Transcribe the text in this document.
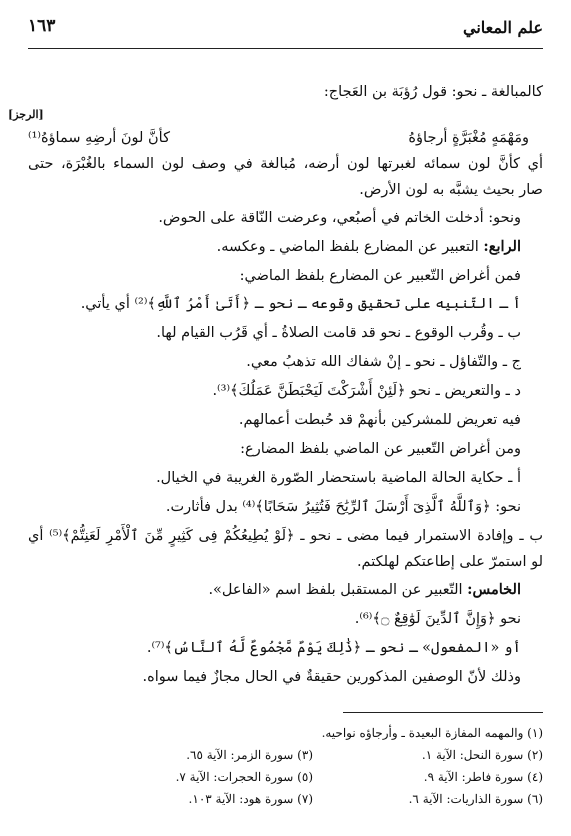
علم المعاني
١٦٣
كالمبالغة ـ نحو: قول رُؤبَة بن العَجاج:
[الرجز]
ومَهْمَهٍ مُغْبَرَّةٍ أرجاؤهُ
كأنَّ لونَ أرضِهِ سماؤهُ⁽¹⁾
أي كأنَّ لون سمائه لغبرتها لون أرضه، مُبالغة في وصف لون السماء بالغُبْرَة، حتى
صار بحيث يشبَّه به لون الأرض.
ونحو: أدخلت الخاتم في أصبُعي، وعرضت النّاقة على الحوض.
الرابع: التعبير عن المضارع بلفظ الماضي ـ وعكسه.
فمن أغراض التّعبير عن المضارع بلفظ الماضي:
أ ـ التّنبيه على تحقيق وقوعه ـ نحو ـ ﴿أَتَىٰ أَمْرُ ٱللَّهِ﴾⁽²⁾ أي يأتي.
ب ـ وقُرب الوقوع ـ نحو قد قامت الصلاةُ ـ أي قَرُب القيام لها.
ج ـ والتّفاؤل ـ نحو ـ إنْ شفاك الله تذهبُ معي.
د ـ والتعريض ـ نحو ﴿لَئِنْ أَشْرَكْتَ لَيَحْبَطَنَّ عَمَلُكَ﴾⁽³⁾.
فيه تعريض للمشركين بأنهمْ قد حُبطت أعمالهم.
ومن أغراض التّعبير عن الماضي بلفظ المضارع:
أ ـ حكاية الحالة الماضية باستحضار الصّورة الغريبة في الخيال.
نحو: ﴿وَٱللَّهُ ٱلَّذِىٓ أَرْسَلَ ٱلرِّيَٰحَ فَتُثِيرُ سَحَابًا﴾⁽⁴⁾ بدل فأثارت.
ب ـ وإفادة الاستمرار فيما مضى ـ نحو ـ ﴿لَوْ يُطِيعُكُمْ فِى كَثِيرٍ مِّنَ ٱلْأَمْرِ لَعَنِتُّمْ﴾⁽⁵⁾ أي
لو استمرّ على إطاعتكم لهلكتم.
الخامس: التّعبير عن المستقبل بلفظ اسم «الفاعل».
نحو ﴿وَإِنَّ ٱلدِّينَ لَوَٰقِعٌ ۝﴾⁽⁶⁾.
أو «المفعول» ـ نحو ـ ﴿ذَٰلِكَ يَوْمٌ مَّجْمُوعٌ لَّهُ ٱلنَّاسُ﴾⁽⁷⁾.
وذلك لأنّ الوصفين المذكورين حقيقةٌ في الحال مجازٌ فيما سواه.
(١) والمهمه المفازة البعيدة ـ وأرجاؤه نواحيه.
(٢) سورة النحل: الآية ١.
(٣) سورة الزمر: الآية ٦٥.
(٤) سورة فاطر: الآية ٩.
(٥) سورة الحجرات: الآية ٧.
(٦) سورة الذاريات: الآية ٦.
(٧) سورة هود: الآية ١٠٣.
